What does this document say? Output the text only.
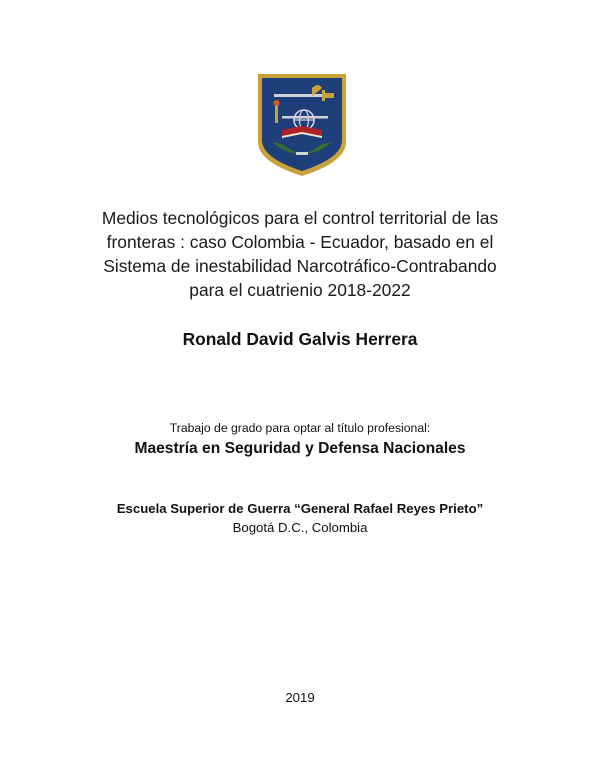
Medios tecnológicos para el control territorial de las
fronteras : caso Colombia - Ecuador, basado en el
Sistema de inestabilidad Narcotráfico-Contrabando
para el cuatrienio 2018-2022
Ronald David Galvis Herrera
Trabajo de grado para optar al título profesional:
Maestría en Seguridad y Defensa Nacionales
Escuela Superior de Guerra “General Rafael Reyes Prieto”
Bogotá D.C., Colombia
2019
